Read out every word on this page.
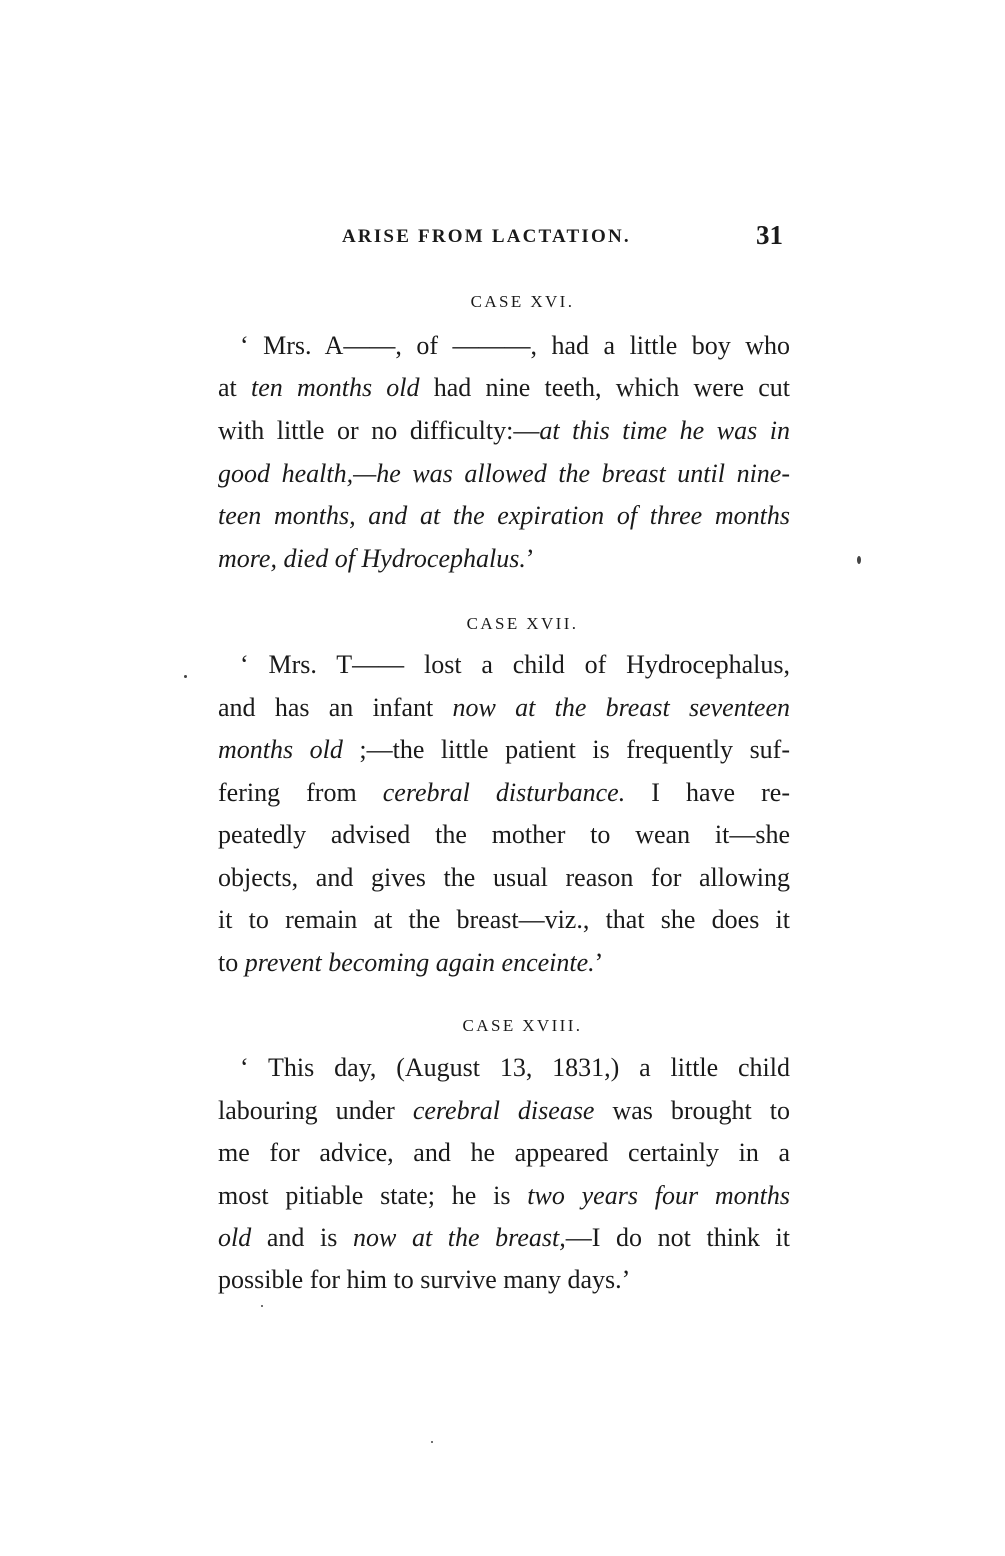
ARISE FROM LACTATION.	31
CASE XVI.
‘ Mrs. A——, of ———, had a little boy who
at ten months old had nine teeth, which were cut
with little or no difficulty:—at this time he was in
good health,—he was allowed the breast until nine-
teen months, and at the expiration of three months
more, died of Hydrocephalus.’
CASE XVII.
‘ Mrs. T—— lost a child of Hydrocephalus,
and has an infant now at the breast seventeen
months old ;—the little patient is frequently suf-
fering from cerebral disturbance. I have re-
peatedly advised the mother to wean it—she
objects, and gives the usual reason for allowing
it to remain at the breast—viz., that she does it
to prevent becoming again enceinte.’
CASE XVIII.
‘ This day, (August 13, 1831,) a little child
labouring under cerebral disease was brought to
me for advice, and he appeared certainly in a
most pitiable state; he is two years four months
old and is now at the breast,—I do not think it
possible for him to survive many days.’
